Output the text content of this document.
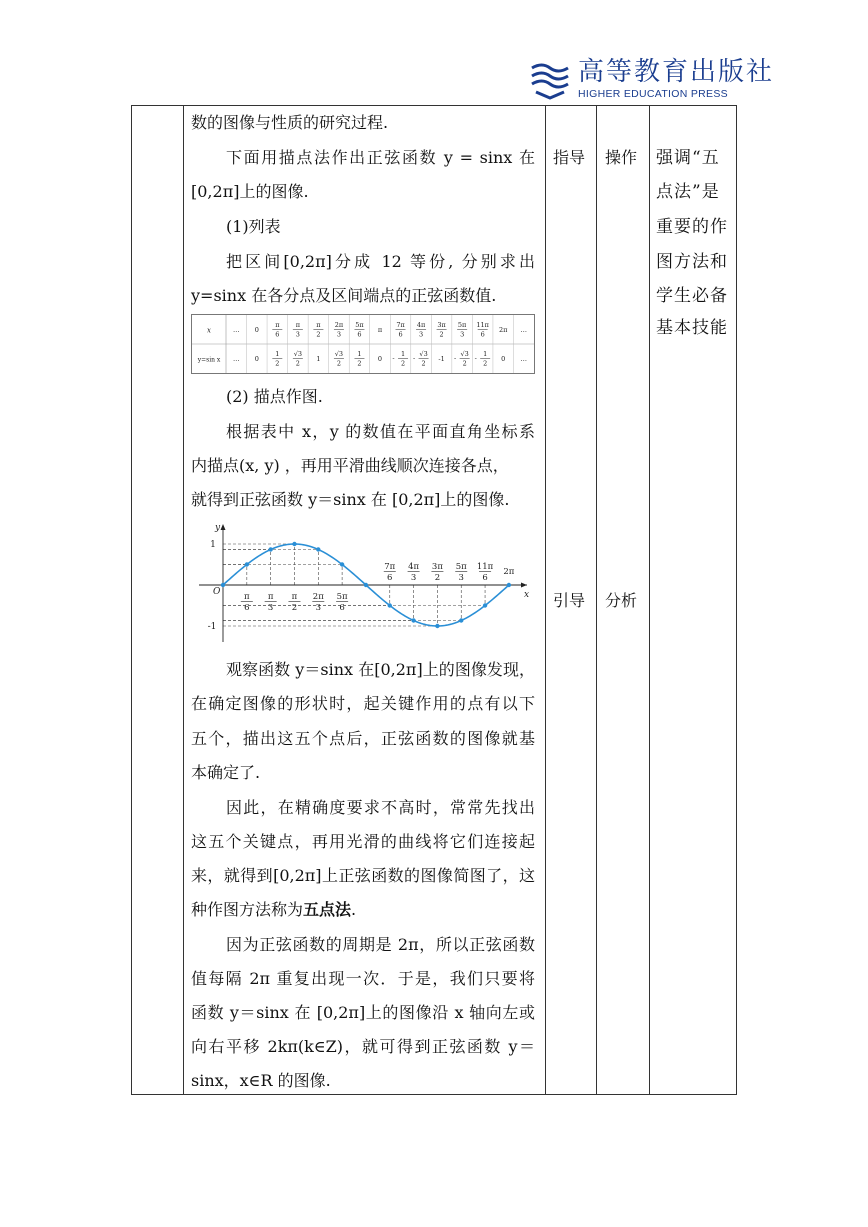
高等教育出版社
HIGHER EDUCATION PRESS
数的图像与性质的研究过程.
下面用描点法作出正弦函数 y = sinx 在
[0,2π]上的图像.
(1)列表
把区间[0,2π]分成 12 等份, 分别求出
y=sinx 在各分点及区间端点的正弦函数值.
x
y=sin x
…
…
0
0
π
6
1
2
π
3
√3
2
π
2
1
2π
3
√3
2
5π
6
1
2
π
0
7π
6
-
1
2
4π
3
-
√3
2
3π
2
-1
5π
3
-
√3
2
11π
6
-
1
2
2π
0
…
…
(2) 描点作图.
根据表中 x，y 的数值在平面直角坐标系
内描点(x, y) ，再用平滑曲线顺次连接各点，
就得到正弦函数 y＝sinx 在 [0,2π]上的图像.
y
x
O
1
-1
π
6
π
3
π
2
2π
3
5π
6
7π
6
4π
3
3π
2
5π
3
11π
6
2π
观察函数 y＝sinx 在[0,2π]上的图像发现，
在确定图像的形状时，起关键作用的点有以下
五个，描出这五个点后，正弦函数的图像就基
本确定了.
因此，在精确度要求不高时，常常先找出
这五个关键点，再用光滑的曲线将它们连接起
来，就得到[0,2π]上正弦函数的图像简图了，这
种作图方法称为五点法.
因为正弦函数的周期是 2π，所以正弦函数
值每隔 2π 重复出现一次．于是，我们只要将
函数 y＝sinx 在 [0,2π]上的图像沿 x 轴向左或
向右平移 2kπ(k∈Z)，就可得到正弦函数 y＝
sinx，x∈R 的图像.
指导 操作
引导 分析
强调“五
点法”是
重要的作
图方法和
学生必备
基本技能
